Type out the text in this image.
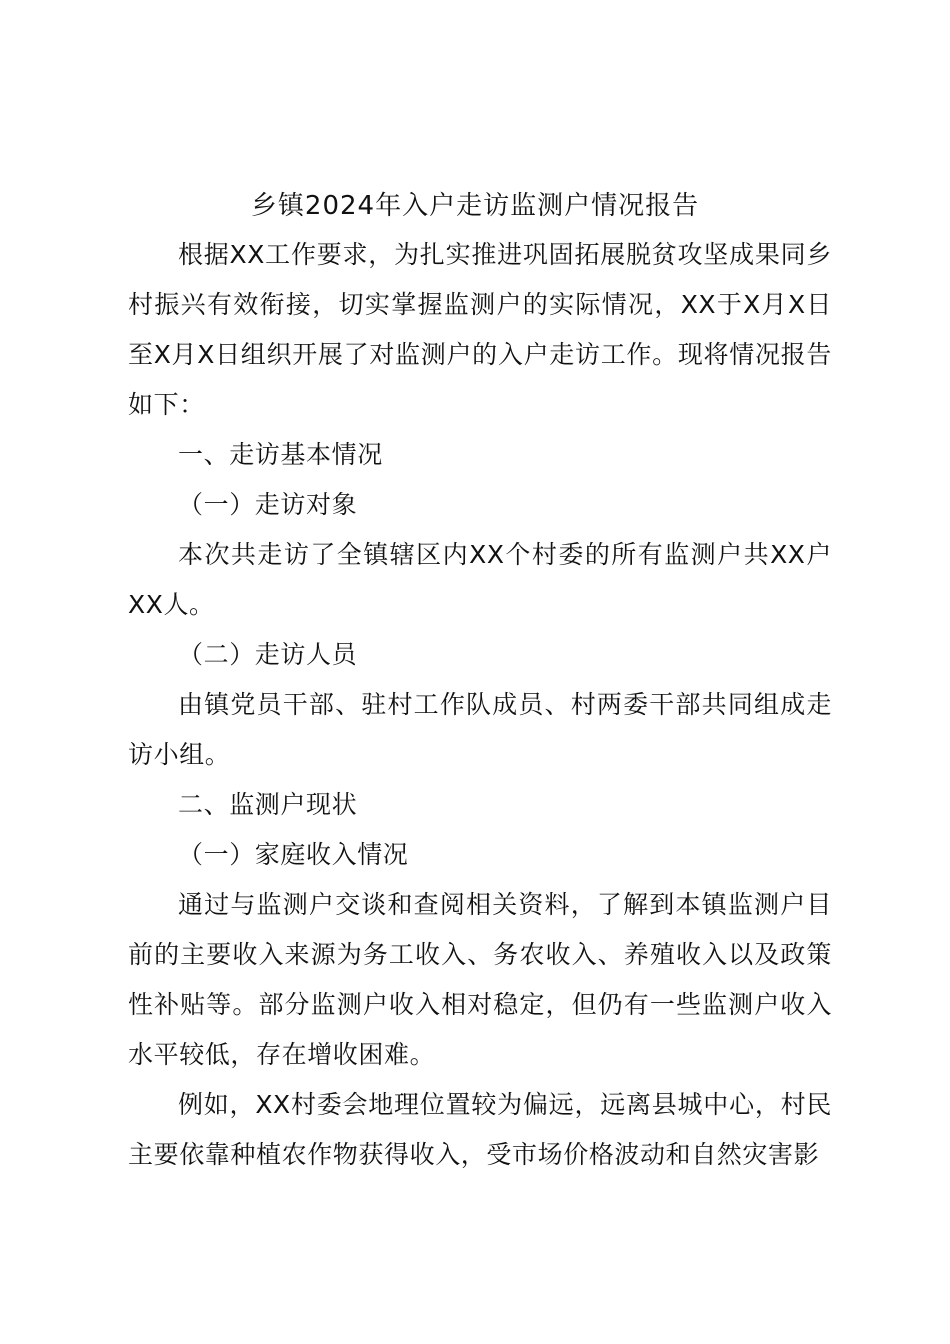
乡镇2024年入户走访监测户情况报告

根据XX工作要求，为扎实推进巩固拓展脱贫攻坚成果同乡村振兴有效衔接，切实掌握监测户的实际情况，XX于X月X日至X月X日组织开展了对监测户的入户走访工作。现将情况报告如下：

一、走访基本情况

（一）走访对象

本次共走访了全镇辖区内XX个村委的所有监测户共XX户XX人。

（二）走访人员

由镇党员干部、驻村工作队成员、村两委干部共同组成走访小组。

二、监测户现状

（一）家庭收入情况

通过与监测户交谈和查阅相关资料，了解到本镇监测户目前的主要收入来源为务工收入、务农收入、养殖收入以及政策性补贴等。部分监测户收入相对稳定，但仍有一些监测户收入水平较低，存在增收困难。

例如，XX村委会地理位置较为偏远，远离县城中心，村民主要依靠种植农作物获得收入，受市场价格波动和自然灾害影
